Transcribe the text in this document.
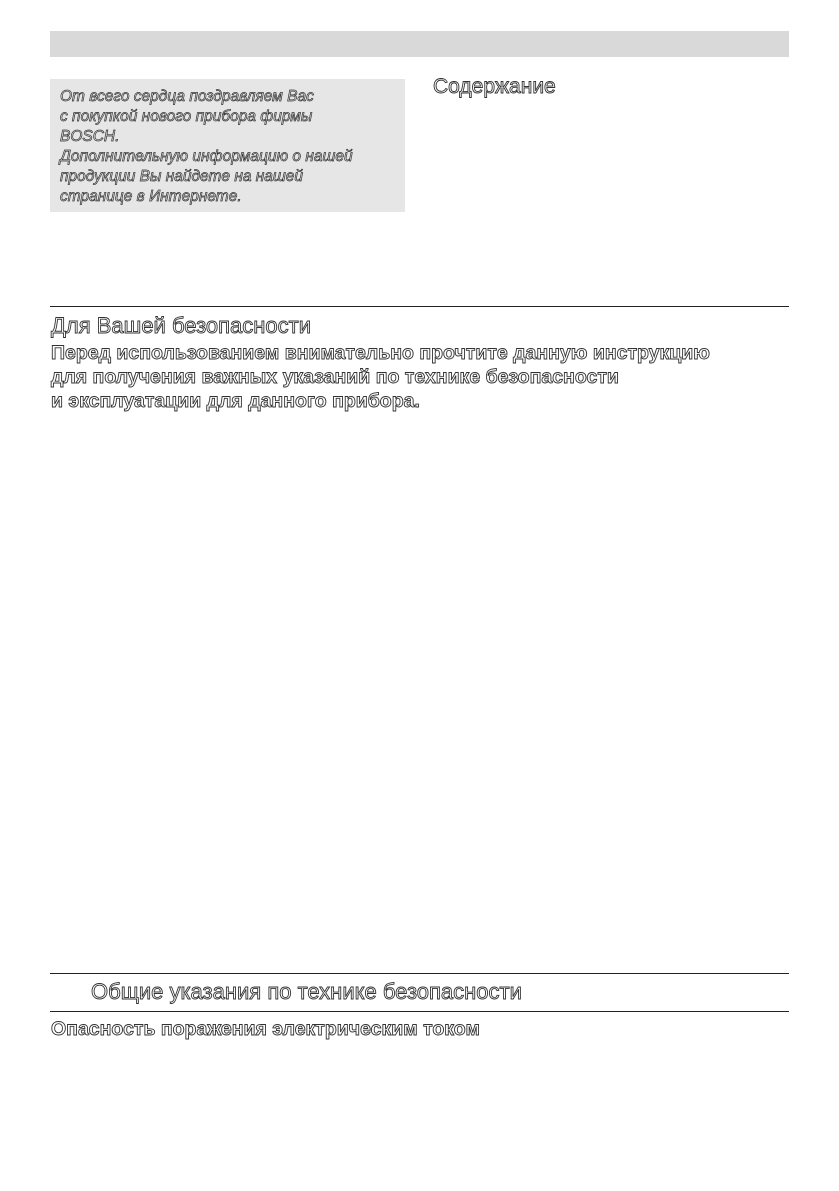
От всего сердца поздравляем Вас
с покупкой нового прибора фирмы
BOSCH.
Дополнительную информацию о нашей
продукции Вы найдете на нашей
странице в Интернете.

Содержание
Для Вашей безопасности

Перед использованием внимательно прочтите данную инструкцию
для получения важных указаний по технике безопасности
и эксплуатации для данного прибора.

Общие указания по технике безопасности
Опасность поражения электрическим током
